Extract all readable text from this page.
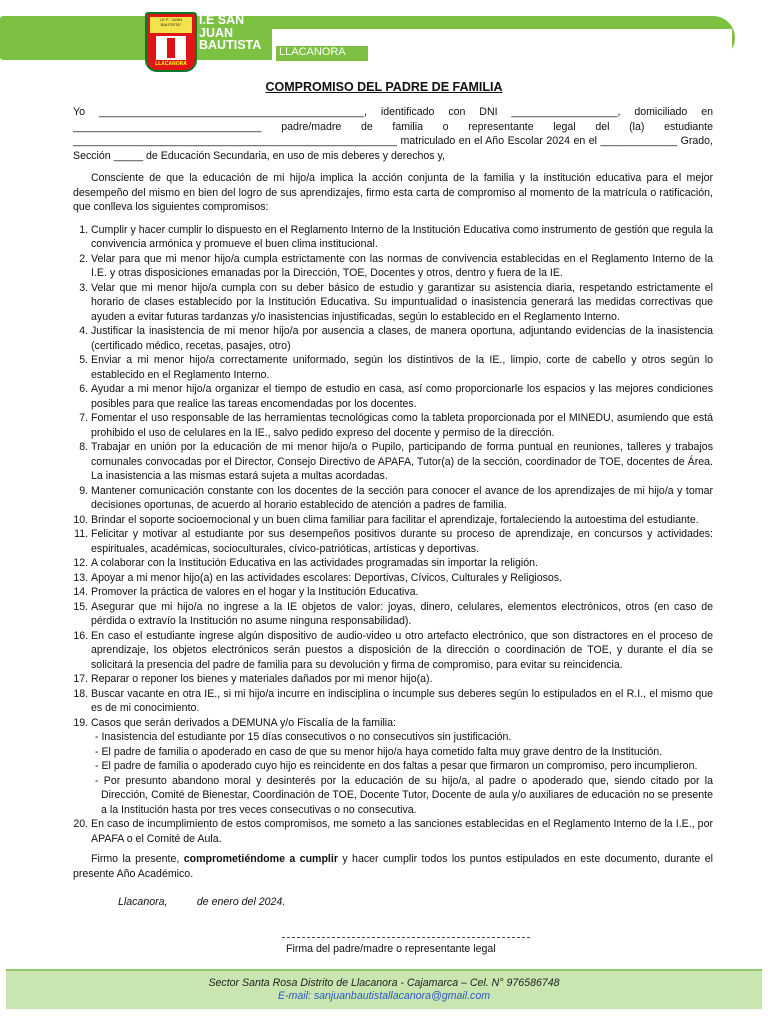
I.E.P. "JUAN BAUTISTA"
LLACANORA
I.E SAN JUAN BAUTISTA	LLACANORA
COMPROMISO DEL PADRE DE FAMILIA

Yo _____________________________________________, identificado con DNI __________________, domiciliado en ________________________________ padre/madre de familia o representante legal del (la) estudiante _______________________________________________________ matriculado en el Año Escolar 2024 en el _____________ Grado, Sección _____ de Educación Secundaria, en uso de mis deberes y derechos y,

Consciente de que la educación de mi hijo/a implica la acción conjunta de la familia y la institución educativa para el mejor desempeño del mismo en bien del logro de sus aprendizajes, firmo esta carta de compromiso al momento de la matrícula o ratificación, que conlleva los siguientes compromisos:

1. Cumplir y hacer cumplir lo dispuesto en el Reglamento Interno de la Institución Educativa como instrumento de gestión que regula la convivencia armónica y promueve el buen clima institucional.
2. Velar para que mi menor hijo/a cumpla estrictamente con las normas de convivencia establecidas en el Reglamento Interno de la I.E. y otras disposiciones emanadas por la Dirección, TOE, Docentes y otros, dentro y fuera de la IE.
3. Velar que mi menor hijo/a cumpla con su deber básico de estudio y garantizar su asistencia diaria, respetando estrictamente el horario de clases establecido por la Institución Educativa. Su impuntualidad o inasistencia generará las medidas correctivas que ayuden a evitar futuras tardanzas y/o inasistencias injustificadas, según lo establecido en el Reglamento Interno.
4. Justificar la inasistencia de mi menor hijo/a por ausencia a clases, de manera oportuna, adjuntando evidencias de la inasistencia (certificado médico, recetas, pasajes, otro)
5. Enviar a mi menor hijo/a correctamente uniformado, según los distintivos de la IE., limpio, corte de cabello y otros según lo establecido en el Reglamento Interno.
6. Ayudar a mi menor hijo/a organizar el tiempo de estudio en casa, así como proporcionarle los espacios y las mejores condiciones posibles para que realice las tareas encomendadas por los docentes.
7. Fomentar el uso responsable de las herramientas tecnológicas como la tableta proporcionada por el MINEDU, asumiendo que está prohibido el uso de celulares en la IE., salvo pedido expreso del docente y permiso de la dirección.
8. Trabajar en unión por la educación de mi menor hijo/a o Pupilo, participando de forma puntual en reuniones, talleres y trabajos comunales convocadas por el Director, Consejo Directivo de APAFA, Tutor(a) de la sección, coordinador de TOE, docentes de Área. La inasistencia a las mismas estará sujeta a multas acordadas.
9. Mantener comunicación constante con los docentes de la sección para conocer el avance de los aprendizajes de mi hijo/a y tomar decisiones oportunas, de acuerdo al horario establecido de atención a padres de familia.
10. Brindar el soporte socioemocional y un buen clima familiar para facilitar el aprendizaje, fortaleciendo la autoestima del estudiante.
11. Felicitar y motivar al estudiante por sus desempeños positivos durante su proceso de aprendizaje, en concursos y actividades: espirituales, académicas, socioculturales, cívico-patrióticas, artísticas y deportivas.
12. A colaborar con la Institución Educativa en las actividades programadas sin importar la religión.
13. Apoyar a mi menor hijo(a) en las actividades escolares: Deportivas, Cívicos, Culturales y Religiosos.
14. Promover la práctica de valores en el hogar y la Institución Educativa.
15. Asegurar que mi hijo/a no ingrese a la IE objetos de valor: joyas, dinero, celulares, elementos electrónicos, otros (en caso de pérdida o extravío la Institución no asume ninguna responsabilidad).
16. En caso el estudiante ingrese algún dispositivo de audio-video u otro artefacto electrónico, que son distractores en el proceso de aprendizaje, los objetos electrónicos serán puestos a disposición de la dirección o coordinación de TOE, y durante el día se solicitará la presencia del padre de familia para su devolución y firma de compromiso, para evitar su reincidencia.
17. Reparar o reponer los bienes y materiales dañados por mi menor hijo(a).
18. Buscar vacante en otra IE., si mi hijo/a incurre en indisciplina o incumple sus deberes según lo estipulados en el R.I., el mismo que es de mi conocimiento.
19. Casos que serán derivados a DEMUNA y/o Fiscalía de la familia:
- Inasistencia del estudiante por 15 días consecutivos o no consecutivos sin justificación.
- El padre de familia o apoderado en caso de que su menor hijo/a haya cometido falta muy grave dentro de la Institución.
- El padre de familia o apoderado cuyo hijo es reincidente en dos faltas a pesar que firmaron un compromiso, pero incumplieron.
- Por presunto abandono moral y desinterés por la educación de su hijo/a, al padre o apoderado que, siendo citado por la Dirección, Comité de Bienestar, Coordinación de TOE, Docente Tutor, Docente de aula y/o auxiliares de educación no se presente a la Institución hasta por tres veces consecutivas o no consecutiva.
20. En caso de incumplimiento de estos compromisos, me someto a las sanciones establecidas en el Reglamento Interno de la I.E., por APAFA o el Comité de Aula.

Firmo la presente, comprometiéndome a cumplir y hacer cumplir todos los puntos estipulados en este documento, durante el presente Año Académico.

Llacanora,          de enero del 2024.

Firma del padre/madre o representante legal
Sector Santa Rosa Distrito de Llacanora - Cajamarca – Cel. N° 976586748
E-mail: sanjuanbautistallacanora@gmail.com
